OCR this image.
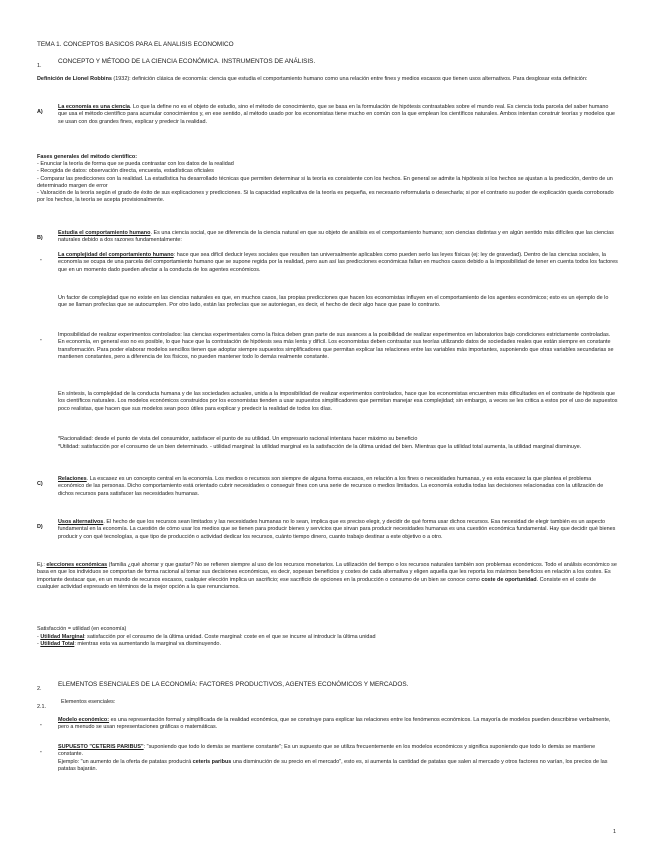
TEMA 1. CONCEPTOS BASICOS PARA EL ANALISIS ECONOMICO

1.

CONCEPTO Y MÉTODO DE LA CIENCIA ECONÓMICA. INSTRUMENTOS DE ANÁLISIS.

Definición de Lionel Robbins (1932): definición clásica de economía: ciencia que estudia el comportamiento humano como una relación entre fines y medios escasos que tienen usos alternativos. Para desglosar esta definición:

A)

La economía es una ciencia. Lo que la define no es el objeto de estudio, sino el método de conocimiento, que se basa en la formulación de hipótesis contrastables sobre el mundo real. Es ciencia toda parcela del saber humano que usa el método científico para acumular conocimientos y, en ese sentido, al método usado por los economistas tiene mucho en común con la que emplean los científicos naturales. Ambos intentan construir teorías y modelos que se usan con dos grandes fines, explicar y predecir la realidad.

Fases generales del método científico:

- Enunciar la teoría de forma que se pueda contrastar con los datos de la realidad

- Recogida de datos: observación directa, encuesta, estadísticas oficiales

- Comparar las predicciones con la realidad. La estadística ha desarrollado técnicas que permiten determinar si la teoría es consistente con los hechos. En general se admite la hipótesis si los hechos se ajustan a la predicción, dentro de un determinado margen de error

- Valoración de la teoría según el grado de éxito de sus explicaciones y predicciones. Si la capacidad explicativa de la teoría es pequeña, es necesario reformularla o desecharla; si por el contrario su poder de explicación queda corroborado por los hechos, la teoría se acepta provisionalmente.

B)

Estudia el comportamiento humano. Es una ciencia social, que se diferencia de la ciencia natural en que su objeto de análisis es el comportamiento humano; son ciencias distintas y en algún sentido más difíciles que las ciencias naturales debido a dos razones fundamentalmente:

-

La complejidad del comportamiento humano: hace que sea difícil deducir leyes sociales que resulten tan universalmente aplicables como pueden serlo las leyes físicas (ej: ley de gravedad). Dentro de las ciencias sociales, la economía se ocupa de una parcela del comportamiento humano que se supone regida por la realidad, pero aun así las predicciones económicas fallan en muchos casos debido a la imposibilidad de tener en cuenta todos los factores que en un momento dado pueden afectar a la conducta de los agentes económicos.

Un factor de complejidad que no existe en las ciencias naturales es que, en muchos casos, las propias predicciones que hacen los economistas influyen en el comportamiento de los agentes económicos; esto es un ejemplo de lo que se llaman profecías que se autocumplen. Por otro lado, están las profecías que se autoniegan, es decir, el hecho de decir algo hace que pase lo contrario.

-

Imposibilidad de realizar experimentos controlados: las ciencias experimentales como la física deben gran parte de sus avances a la posibilidad de realizar experimentos en laboratorios bajo condiciones estrictamente controladas. En economía, en general eso no es posible, lo que hace que la contratación de hipótesis sea más lenta y difícil. Los economistas deben contrastar sus teorías utilizando datos de sociedades reales que están siempre en constante transformación. Para poder elaborar modelos sencillos tienen que adoptar siempre supuestos simplificadores que permitan explicar las relaciones entre las variables más importantes, suponiendo que otras variables secundarias se mantienen constantes, pero a diferencia de los físicos, no pueden mantener todo lo demás realmente constante.

En síntesis, la complejidad de la conducta humana y de las sociedades actuales, unida a la imposibilidad de realizar experimentos controlados, hace que los economistas encuentren más dificultades en el contraste de hipótesis que los científicos naturales. Los modelos económicos construidos por los economistas tienden a usar supuestos simplificadores que permitan manejar esa complejidad; sin embargo, a veces se les critica a estos por el uso de supuestos poco realistas, que hacen que sus modelos sean poco útiles para explicar y predecir la realidad de todos los días.

*Racionalidad: desde el punto de vista del consumidor, satisfacer el punto de su utilidad. Un empresario racional intentara hacer máximo su beneficio

*Utilidad: satisfacción por el consumo de un bien determinado. - utilidad marginal: la utilidad marginal es la satisfacción de la última unidad del bien. Mientras que la utilidad total aumenta, la utilidad marginal disminuye.

C)

Relaciones. La escasez es un concepto central en la economía. Los medios o recursos son siempre de alguna forma escasos, en relación a los fines o necesidades humanas, y es esta escasez la que plantea el problema económico de las personas. Dicho comportamiento está orientado cubrir necesidades o conseguir fines con una serie de recursos o medios limitados. La economía estudia todas las decisiones relacionadas con la utilización de dichos recursos para satisfacer las necesidades humanas.

D)

Usos alternativos. El hecho de que los recursos sean limitados y las necesidades humanas no lo sean, implica que es preciso elegir, y decidir de qué forma usar dichos recursos. Esa necesidad de elegir también es un aspecto fundamental en la economía. La cuestión de cómo usar los medios que se tienen para producir bienes y servicios que sirvan para producir necesidades humanas es una cuestión económica fundamental. Hay que decidir qué bienes producir y con qué tecnologías, a que tipo de producción o actividad dedicar los recursos, cuánto tiempo dinero, cuanto trabajo destinar a este objetivo o a otro.

Ej.: elecciones económicas (familia ¿qué ahorrar y que gastar? No se refieren siempre al uso de los recursos monetarios. La utilización del tiempo o los recursos naturales también son problemas económicos. Todo el análisis económico se basa en que los individuos se comportan de forma racional al tomar sus decisiones económicas, es decir, sopesan beneficios y costes de cada alternativa y eligen aquella que les reporta los máximos beneficios en relación a los costes. Es importante destacar que, en un mundo de recursos escasos, cualquier elección implica un sacrificio; ese sacrificio de opciones en la producción o consumo de un bien se conoce como coste de oportunidad. Consiste en el coste de cualquier actividad expresado en términos de la mejor opción a la que renunciamos.

Satisfacción = utilidad (en economía)

- Utilidad Marginal: satisfacción por el consumo de la última unidad. Coste marginal: coste en el que se incurre al introducir la última unidad

- Utilidad Total: mientras esta va aumentando la marginal va disminuyendo.

2.

ELEMENTOS ESENCIALES DE LA ECONOMÍA: FACTORES PRODUCTIVOS, AGENTES ECONÓMICOS Y MERCADOS.

2.1.

Elementos esenciales:

-

Modelo económico: es una representación formal y simplificada de la realidad económica, que se construye para explicar las relaciones entre los fenómenos económicos. La mayoría de modelos pueden describirse verbalmente, pero a menudo se usan representaciones gráficas o matemáticas.

-

SUPUESTO "CETERIS PARIBUS": "suponiendo que todo lo demás se mantiene constante"; Es un supuesto que se utiliza frecuentemente en los modelos económicos y significa suponiendo que todo lo demás se mantiene constante.

Ejemplo: "un aumento de la oferta de patatas producirá ceteris paribus una disminución de su precio en el mercado", esto es, si aumenta la cantidad de patatas que salen al mercado y otros factores no varían, los precios de las patatas bajarán.

1
